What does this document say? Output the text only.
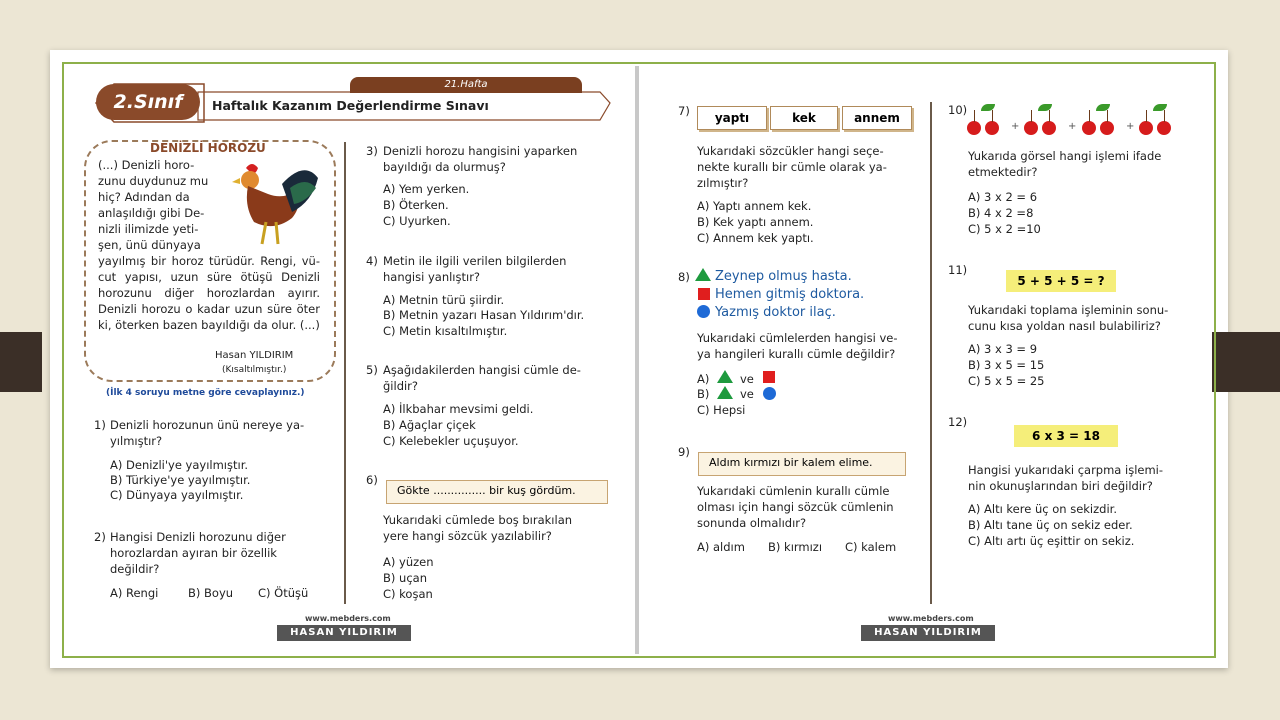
21.Hafta
2.Sınıf	Haftalık Kazanım Değerlendirme Sınavı
DENİZLİ HOROZU
(...) Denizli horo-
zunu duydunuz mu
hiç? Adından da
anlaşıldığı gibi De-
nizli ilimizde yeti-
şen, ünü dünyaya
yayılmış bir horoz türüdür. Rengi, vü- cut yapısı, uzun süre ötüşü Denizli horozunu diğer horozlardan ayırır. Denizli horozu o kadar uzun süre öter ki, öterken bazen bayıldığı da olur. (...)
Hasan YILDIRIM
(Kısaltılmıştır.)
(İlk 4 soruyu metne göre cevaplayınız.)
1) Denizli horozunun ünü nereye ya-
yılmıştır?
A) Denizli'ye yayılmıştır.
B) Türkiye'ye yayılmıştır.
C) Dünyaya yayılmıştır.
2) Hangisi Denizli horozunu diğer
horozlardan ayıran bir özellik
değildir?
A) Rengi	B) Boyu C) Ötüşü
3) Denizli horozu hangisini yaparken
bayıldığı da olurmuş?
A) Yem yerken.
B) Öterken.
C) Uyurken.
4) Metin ile ilgili verilen bilgilerden
hangisi yanlıştır?
A) Metnin türü şiirdir.
B) Metnin yazarı Hasan Yıldırım'dır.
C) Metin kısaltılmıştır.
5) Aşağıdakilerden hangisi cümle de-
ğildir?
A) İlkbahar mevsimi geldi.
B) Ağaçlar çiçek
C) Kelebekler uçuşuyor.
6)
Gökte ............... bir kuş gördüm.
Yukarıdaki cümlede boş bırakılan
yere hangi sözcük yazılabilir?
A) yüzen
B) uçan
C) koşan
www.mebders.com
HASAN YILDIRIM
7)	yaptı	kek	annem
Yukarıdaki sözcükler hangi seçe-
nekte kurallı bir cümle olarak ya-
zılmıştır?
A) Yaptı annem kek.
B) Kek yaptı annem.
C) Annem kek yaptı.
8) Zeynep olmuş hasta.
Hemen gitmiş doktora.
Yazmış doktor ilaç.
Yukarıdaki cümlelerden hangisi ve-
ya hangileri kurallı cümle değildir?
A)	ve
B)	ve
C) Hepsi
9)
Aldım kırmızı bir kalem elime.
Yukarıdaki cümlenin kurallı cümle
olması için hangi sözcük cümlenin
sonunda olmalıdır?
A) aldım B) kırmızı C) kalem
10)
+	+	+
Yukarıda görsel hangi işlemi ifade
etmektedir?
A) 3 x 2 = 6
B) 4 x 2 =8
C) 5 x 2 =10
11)
5 + 5 + 5 = ?
Yukarıdaki toplama işleminin sonu-
cunu kısa yoldan nasıl bulabiliriz?
A) 3 x 3 = 9
B) 3 x 5 = 15
C) 5 x 5 = 25
12)
6 x 3 = 18
Hangisi yukarıdaki çarpma işlemi-
nin okunuşlarından biri değildir?
A) Altı kere üç on sekizdir.
B) Altı tane üç on sekiz eder.
C) Altı artı üç eşittir on sekiz.
www.mebders.com
HASAN YILDIRIM
